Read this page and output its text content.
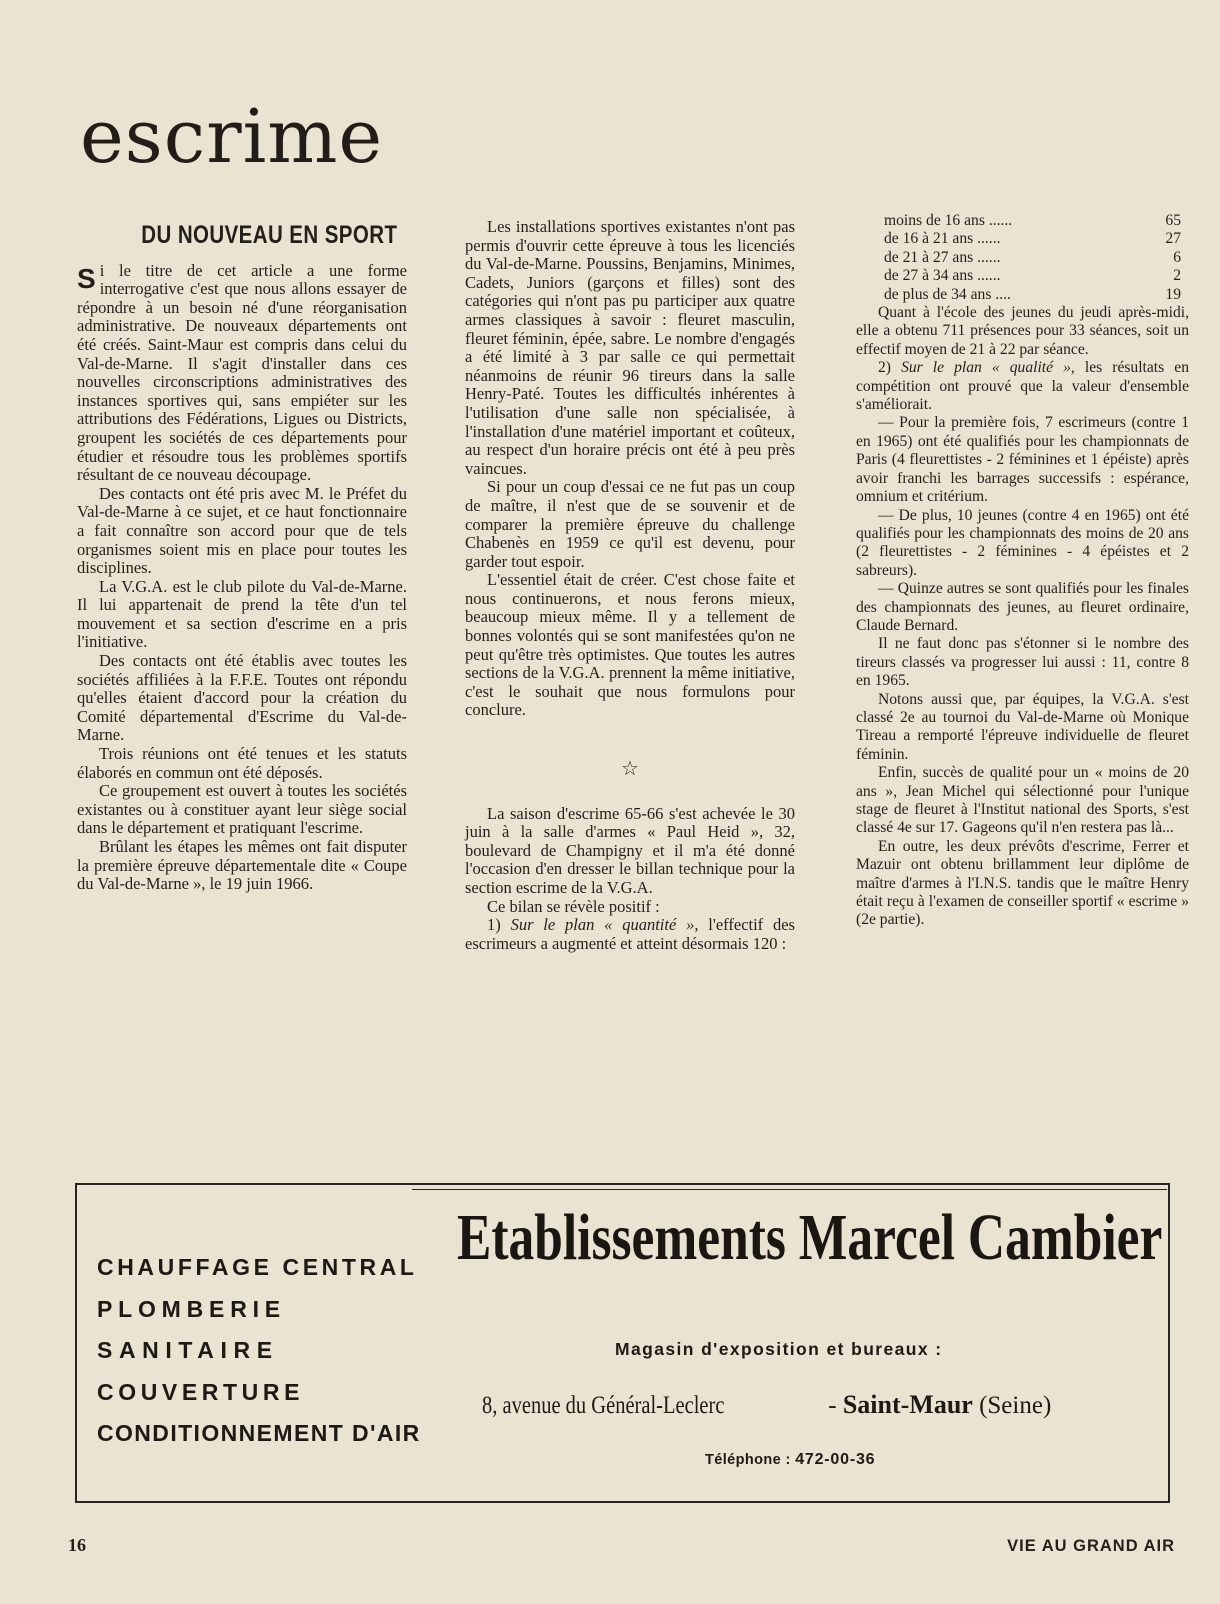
escrime
DU NOUVEAU EN SPORT

Si le titre de cet article a une forme interrogative c'est que nous allons essayer de répondre à un besoin né d'une réorganisation administrative. De nouveaux départements ont été créés. Saint-Maur est compris dans celui du Val-de-Marne. Il s'agit d'installer dans ces nouvelles circonscriptions administratives des instances sportives qui, sans empiéter sur les attributions des Fédérations, Ligues ou Districts, groupent les sociétés de ces départements pour étudier et résoudre tous les problèmes sportifs résultant de ce nouveau découpage.

Des contacts ont été pris avec M. le Préfet du Val-de-Marne à ce sujet, et ce haut fonctionnaire a fait connaître son accord pour que de tels organismes soient mis en place pour toutes les disciplines.

La V.G.A. est le club pilote du Val-de-Marne. Il lui appartenait de prend la tête d'un tel mouvement et sa section d'escrime en a pris l'initiative.

Des contacts ont été établis avec toutes les sociétés affiliées à la F.F.E. Toutes ont répondu qu'elles étaient d'accord pour la création du Comité départemental d'Escrime du Val-de-Marne.

Trois réunions ont été tenues et les statuts élaborés en commun ont été déposés.

Ce groupement est ouvert à toutes les sociétés existantes ou à constituer ayant leur siège social dans le département et pratiquant l'escrime.

Brûlant les étapes les mêmes ont fait disputer la première épreuve départementale dite « Coupe du Val-de-Marne », le 19 juin 1966.

Les installations sportives existantes n'ont pas permis d'ouvrir cette épreuve à tous les licenciés du Val-de-Marne. Poussins, Benjamins, Minimes, Cadets, Juniors (garçons et filles) sont des catégories qui n'ont pas pu participer aux quatre armes classiques à savoir : fleuret masculin, fleuret féminin, épée, sabre. Le nombre d'engagés a été limité à 3 par salle ce qui permettait néanmoins de réunir 96 tireurs dans la salle Henry-Paté. Toutes les difficultés inhérentes à l'utilisation d'une salle non spécialisée, à l'installation d'une matériel important et coûteux, au respect d'un horaire précis ont été à peu près vaincues.

Si pour un coup d'essai ce ne fut pas un coup de maître, il n'est que de se souvenir et de comparer la première épreuve du challenge Chabenès en 1959 ce qu'il est devenu, pour garder tout espoir.

L'essentiel était de créer. C'est chose faite et nous continuerons, et nous ferons mieux, beaucoup mieux même. Il y a tellement de bonnes volontés qui se sont manifestées qu'on ne peut qu'être très optimistes. Que toutes les autres sections de la V.G.A. prennent la même initiative, c'est le souhait que nous formulons pour conclure.

☆

La saison d'escrime 65-66 s'est achevée le 30 juin à la salle d'armes « Paul Heid », 32, boulevard de Champigny et il m'a été donné l'occasion d'en dresser le billan technique pour la section escrime de la V.G.A.

Ce bilan se révèle positif :

1) Sur le plan « quantité », l'effectif des escrimeurs a augmenté et atteint désormais 120 :

moins de 16 ans ......	65
de 16 à 21 ans ......	27
de 21 à 27 ans ......	6
de 27 à 34 ans ......	2
de plus de 34 ans ....	19

Quant à l'école des jeunes du jeudi après-midi, elle a obtenu 711 présences pour 33 séances, soit un effectif moyen de 21 à 22 par séance.

2) Sur le plan « qualité », les résultats en compétition ont prouvé que la valeur d'ensemble s'améliorait.

— Pour la première fois, 7 escrimeurs (contre 1 en 1965) ont été qualifiés pour les championnats de Paris (4 fleurettistes - 2 féminines et 1 épéiste) après avoir franchi les barrages successifs : espérance, omnium et critérium.

— De plus, 10 jeunes (contre 4 en 1965) ont été qualifiés pour les championnats des moins de 20 ans (2 fleurettistes - 2 féminines - 4 épéistes et 2 sabreurs).

— Quinze autres se sont qualifiés pour les finales des championnats des jeunes, au fleuret ordinaire, Claude Bernard.

Il ne faut donc pas s'étonner si le nombre des tireurs classés va progresser lui aussi : 11, contre 8 en 1965.

Notons aussi que, par équipes, la V.G.A. s'est classé 2e au tournoi du Val-de-Marne où Monique Tireau a remporté l'épreuve individuelle de fleuret féminin.

Enfin, succès de qualité pour un « moins de 20 ans », Jean Michel qui sélectionné pour l'unique stage de fleuret à l'Institut national des Sports, s'est classé 4e sur 17. Gageons qu'il n'en restera pas là...

En outre, les deux prévôts d'escrime, Ferrer et Mazuir ont obtenu brillamment leur diplôme de maître d'armes à l'I.N.S. tandis que le maître Henry était reçu à l'examen de conseiller sportif « escrime » (2e partie).

CHAUFFAGE CENTRAL
PLOMBERIE
SANITAIRE
COUVERTURE
CONDITIONNEMENT D'AIR
Etablissements Marcel Cambier
Magasin d'exposition et bureaux :
8, avenue du Général-Leclerc	- Saint-Maur (Seine)
Téléphone : 472-00-36
16	VIE AU GRAND AIR
